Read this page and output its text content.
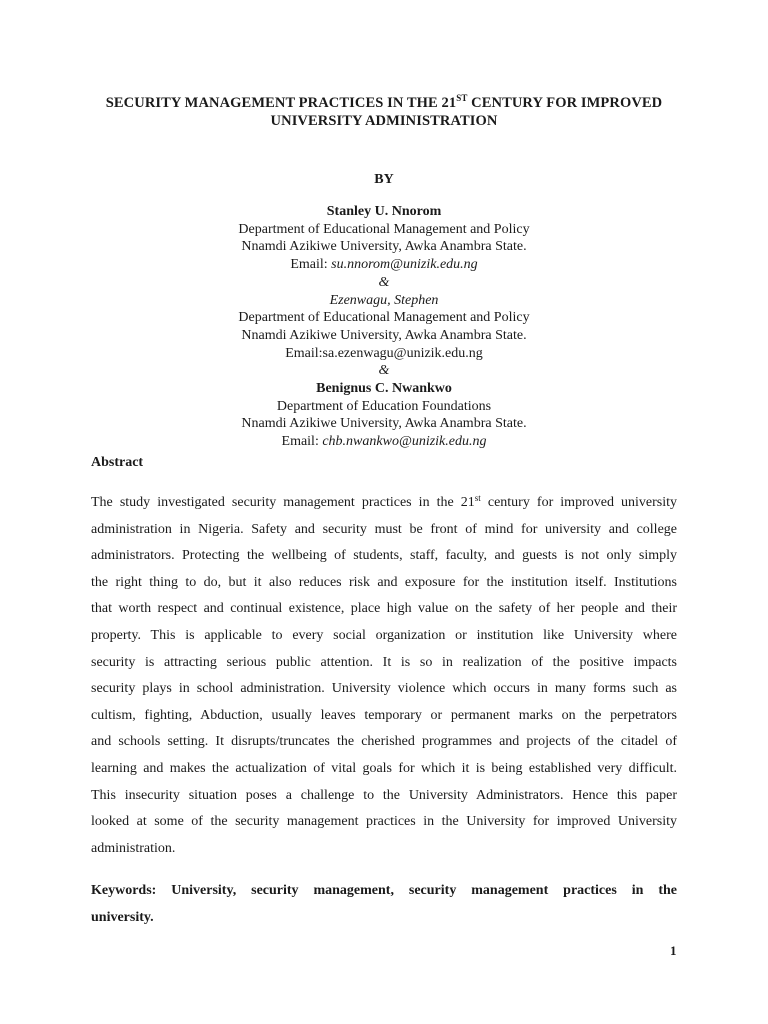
SECURITY MANAGEMENT PRACTICES IN THE 21ST CENTURY FOR IMPROVED
UNIVERSITY ADMINISTRATION
BY
Stanley U. Nnorom
Department of Educational Management and Policy
Nnamdi Azikiwe University, Awka Anambra State.
Email: su.nnorom@unizik.edu.ng
&
Ezenwagu, Stephen
Department of Educational Management and Policy
Nnamdi Azikiwe University, Awka Anambra State.
Email:sa.ezenwagu@unizik.edu.ng
&
Benignus C. Nwankwo
Department of Education Foundations
Nnamdi Azikiwe University, Awka Anambra State.
Email: chb.nwankwo@unizik.edu.ng
Abstract
The study investigated security management practices in the 21st century for improved university
administration in Nigeria. Safety and security must be front of mind for university and college
administrators. Protecting the wellbeing of students, staff, faculty, and guests is not only simply
the right thing to do, but it also reduces risk and exposure for the institution itself. Institutions
that worth respect and continual existence, place high value on the safety of her people and their
property. This is applicable to every social organization or institution like University where
security is attracting serious public attention. It is so in realization of the positive impacts
security plays in school administration. University violence which occurs in many forms such as
cultism, fighting, Abduction, usually leaves temporary or permanent marks on the perpetrators
and schools setting. It disrupts/truncates the cherished programmes and projects of the citadel of
learning and makes the actualization of vital goals for which it is being established very difficult.
This insecurity situation poses a challenge to the University Administrators. Hence this paper
looked at some of the security management practices in the University for improved University
administration.
Keywords: University, security management, security management practices in the
university.
1
